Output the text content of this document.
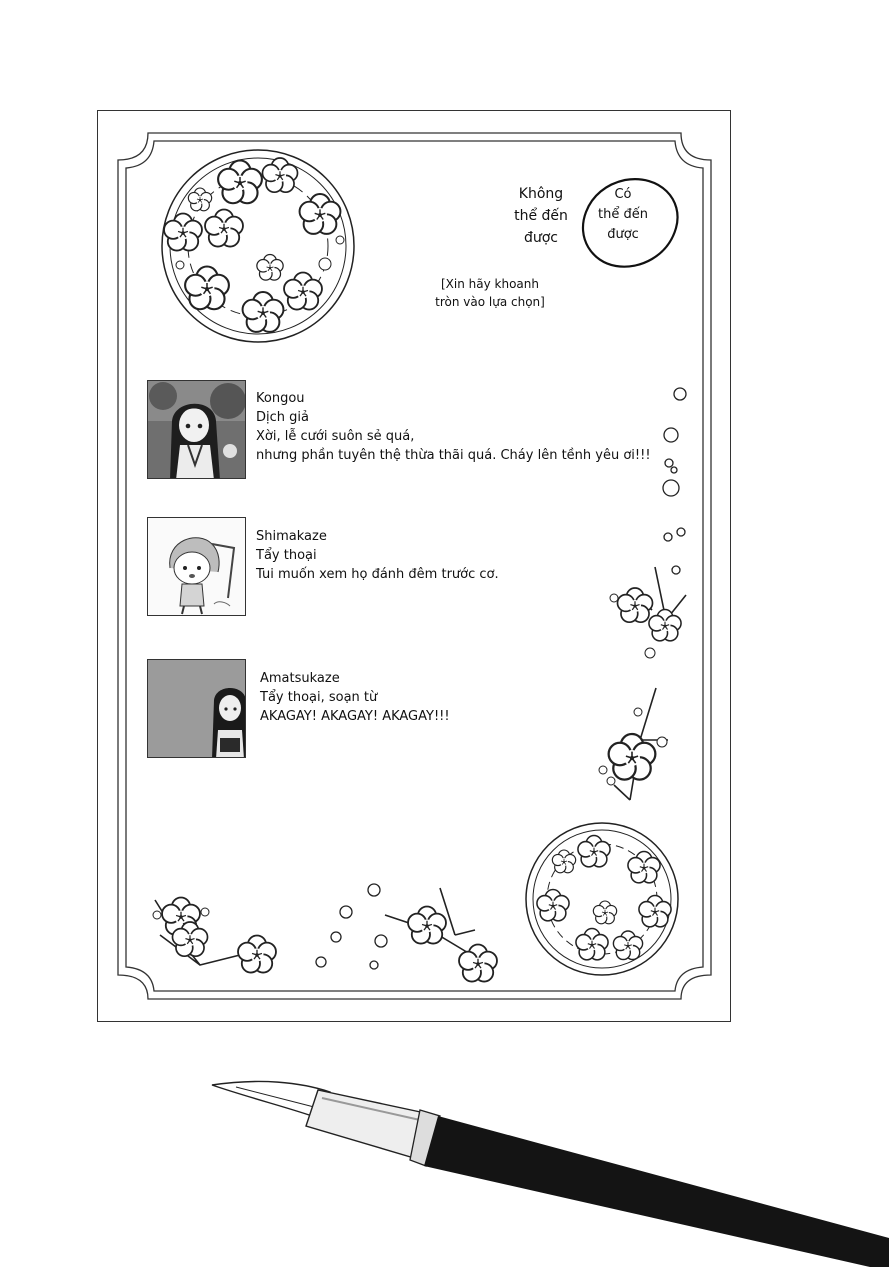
Không
thể đến
được
Có
thể đến
được
[Xin hãy khoanh
tròn vào lựa chọn]
Kongou
Dịch giả
Xời, lễ cưới suôn sẻ quá,
nhưng phần tuyên thệ thừa thãi quá. Cháy lên tềnh yêu ơi!!!
Shimakaze
Tẩy thoại
Tui muốn xem họ đánh đêm trước cơ.
Amatsukaze
Tẩy thoại, soạn từ
AKAGAY! AKAGAY! AKAGAY!!!
